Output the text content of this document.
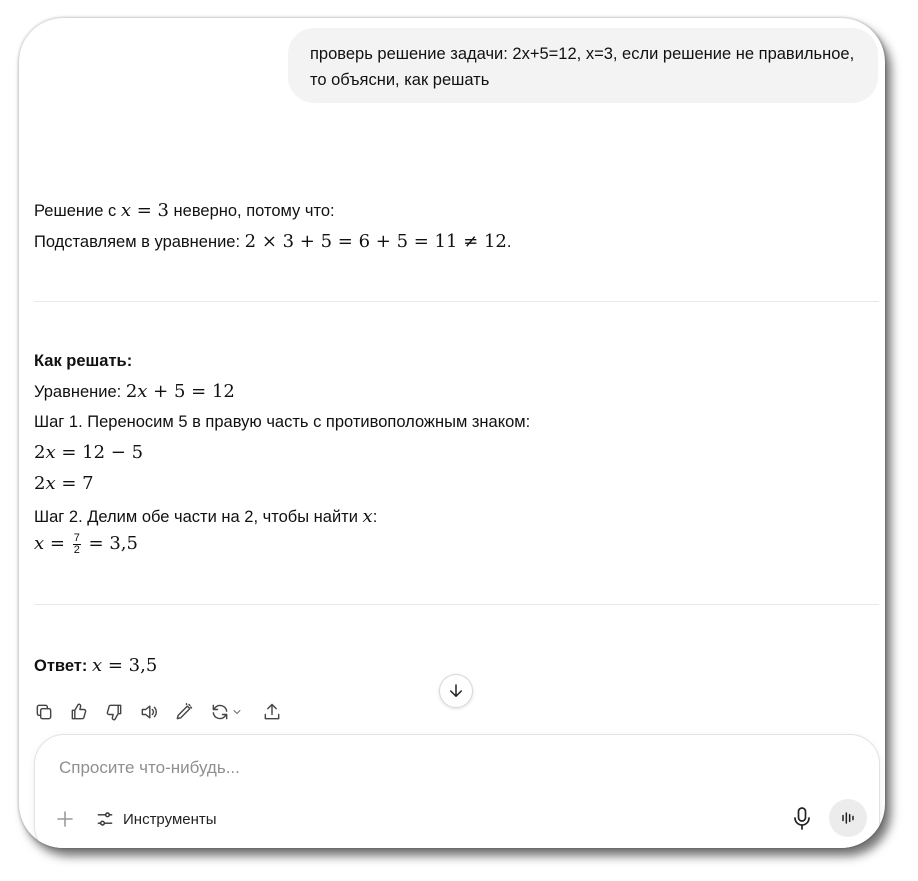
проверь решение задачи: 2x+5=12, x=3, если решение не правильное, то объясни, как решать
Решение с x = 3 неверно, потому что:
Подставляем в уравнение: 2 × 3 + 5 = 6 + 5 = 11 ≠ 12.
Как решать:
Уравнение: 2x + 5 = 12
Шаг 1. Переносим 5 в правую часть с противоположным знаком:
2x = 12 − 5
2x = 7
Шаг 2. Делим обе части на 2, чтобы найти x:
$x = \frac{7}{2} = 3,5$
Ответ: x = 3,5
Спросите что-нибудь...
Инструменты
